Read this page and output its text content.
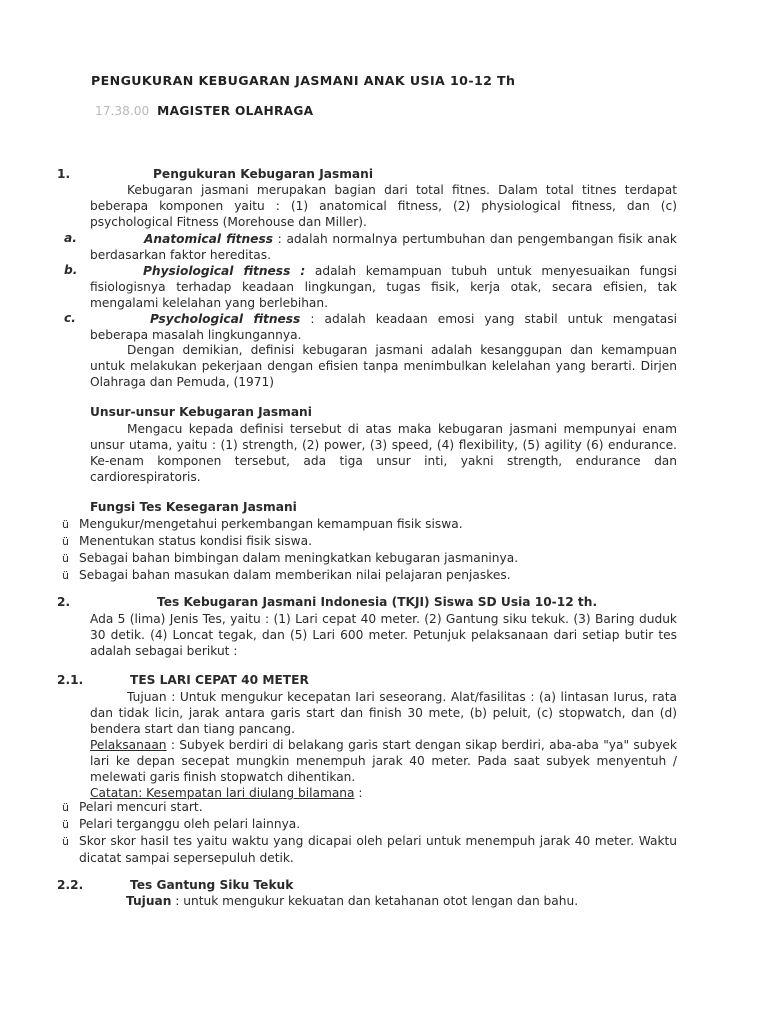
PENGUKURAN KEBUGARAN JASMANI ANAK USIA 10-12 Th
17.38.00 MAGISTER OLAHRAGA
1.	Pengukuran Kebugaran Jasmani
Kebugaran jasmani merupakan bagian dari total fitnes. Dalam total titnes terdapat beberapa komponen yaitu : (1) anatomical fitness, (2) physiological fitness, dan (c) psychological Fitness (Morehouse dan Miller).
a.	Anatomical fitness : adalah normalnya pertumbuhan dan pengembangan fisik anak berdasarkan faktor hereditas.
b.	Physiological fitness : adalah kemampuan tubuh untuk menyesuaikan fungsi fisiologisnya terhadap keadaan lingkungan, tugas fisik, kerja otak, secara efisien, tak mengalami kelelahan yang berlebihan.
c.	Psychological fitness : adalah keadaan emosi yang stabil untuk mengatasi beberapa masaIah lingkungannya.
Dengan demikian, definisi kebugaran jasmani adalah kesanggupan dan kemampuan untuk melakukan pekerjaan dengan efisien tanpa menimbulkan kelelahan yang berarti. Dirjen Olahraga dan Pemuda, (1971)
Unsur-unsur Kebugaran Jasmani
Mengacu kepada definisi tersebut di atas maka kebugaran jasmani mempunyai enam unsur utama, yaitu : (1) strength, (2) power, (3) speed, (4) flexibility, (5) agility (6) endurance. Ke-enam komponen tersebut, ada tiga unsur inti, yakni strength, endurance dan cardiorespiratoris.
Fungsi Tes Kesegaran Jasmani
ü Mengukur/mengetahui perkembangan kemampuan fisik siswa.
ü Menentukan status kondisi fisik siswa.
ü Sebagai bahan bimbingan dalam meningkatkan kebugaran jasmaninya.
ü Sebagai bahan masukan dalam memberikan nilai pelajaran penjaskes.
2.	Tes Kebugaran Jasmani Indonesia (TKJI) Siswa SD Usia 10-12 th.
Ada 5 (lima) Jenis Tes, yaitu : (1) Lari cepat 40 meter. (2) Gantung siku tekuk. (3) Baring duduk 30 detik. (4) Loncat tegak, dan (5) Lari 600 meter. Petunjuk pelaksanaan dari setiap butir tes adalah sebagai berikut :
2.1.	TES LARI CEPAT 40 METER
Tujuan : Untuk mengukur kecepatan Iari seseorang. Alat/fasilitas : (a) lintasan Iurus, rata dan tidak licin, jarak antara garis start dan finish 30 mete, (b) peluit, (c) stopwatch, dan (d) bendera start dan tiang pancang.
Pelaksanaan : Subyek berdiri di belakang garis start dengan sikap berdiri, aba-aba "ya" subyek lari ke depan secepat mungkin menempuh jarak 40 meter. Pada saat subyek menyentuh / melewati garis finish stopwatch dihentikan.
Catatan: Kesempatan lari diulang bilamana :
ü Pelari mencuri start.
ü Pelari terganggu oleh pelari lainnya.
ü Skor skor hasiI tes yaitu waktu yang dicapai oleh pelari untuk menempuh jarak 40 meter. Waktu dicatat sampai sepersepuluh detik.
2.2.	Tes Gantung Siku Tekuk
Tujuan : untuk mengukur kekuatan dan ketahanan otot lengan dan bahu.
